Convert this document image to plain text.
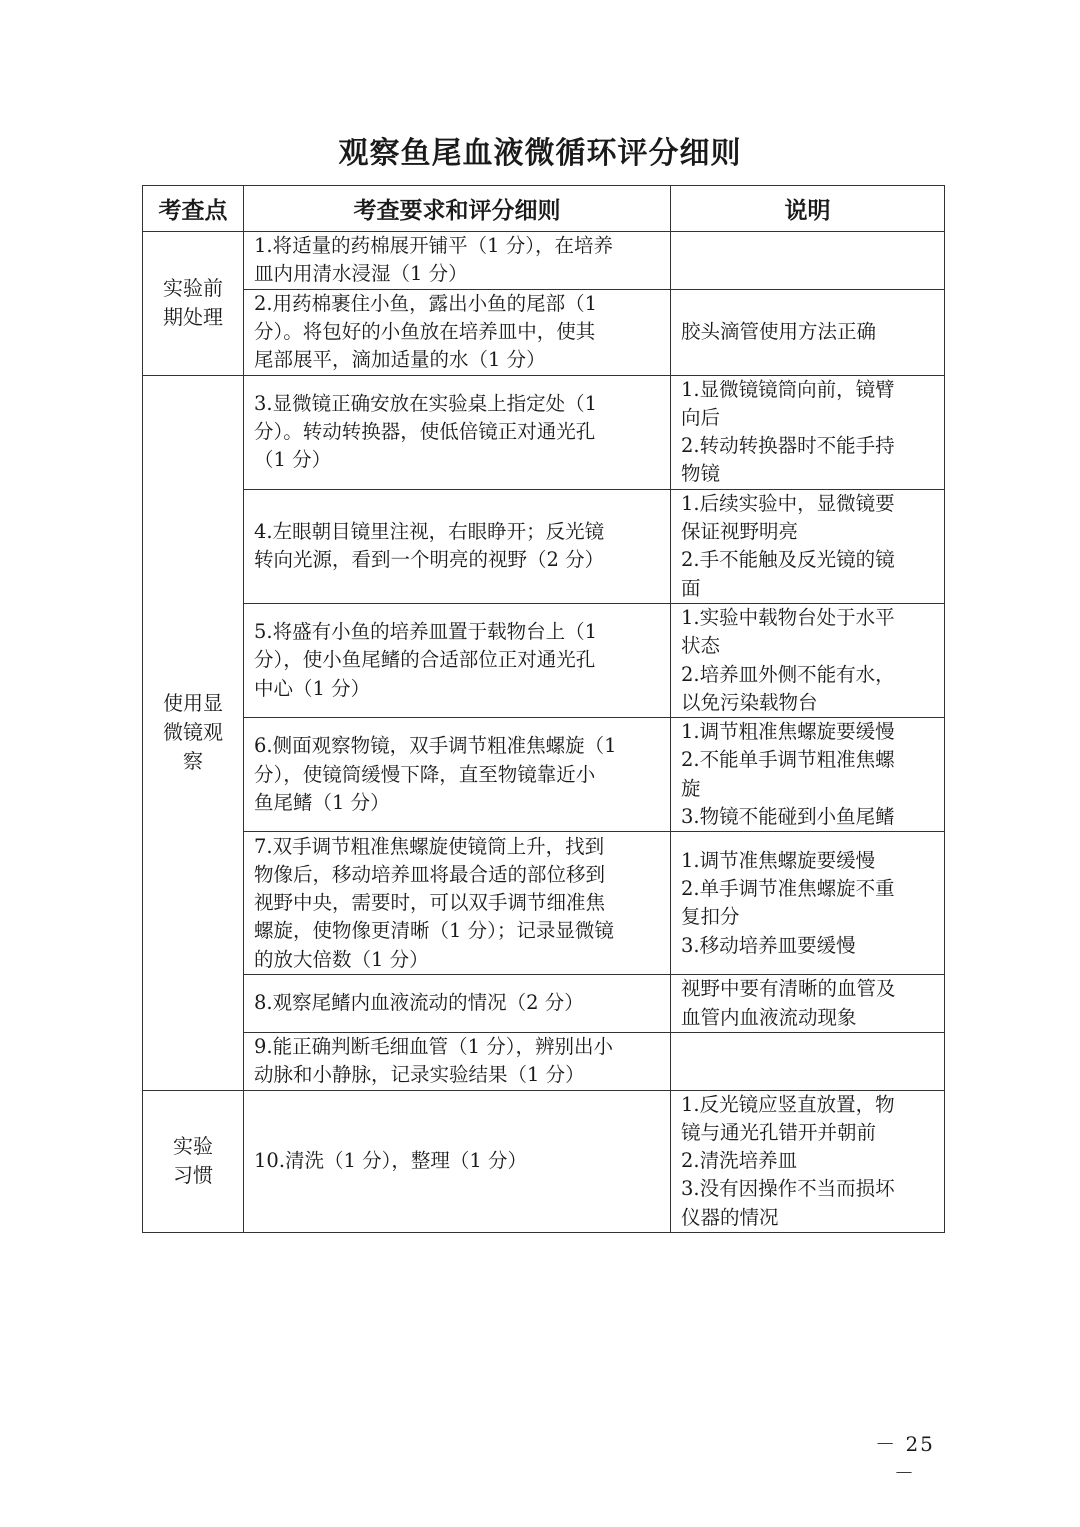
观察鱼尾血液微循环评分细则
考查点	考查要求和评分细则	说明

实验前
期处理	1.将适量的药棉展开铺平（1 分），在培养
皿内用清水浸湿（1 分）	

	2.用药棉裹住小鱼，露出小鱼的尾部（1
分）。将包好的小鱼放在培养皿中，使其
尾部展平，滴加适量的水（1 分）	胶头滴管使用方法正确

使用显
微镜观
察	3.显微镜正确安放在实验桌上指定处（1
分）。转动转换器，使低倍镜正对通光孔
（1 分）	1.显微镜镜筒向前，镜臂
向后
2.转动转换器时不能手持
物镜

	4.左眼朝目镜里注视，右眼睁开；反光镜
转向光源，看到一个明亮的视野（2 分）	1.后续实验中，显微镜要
保证视野明亮
2.手不能触及反光镜的镜
面

	5.将盛有小鱼的培养皿置于载物台上（1
分），使小鱼尾鳍的合适部位正对通光孔
中心（1 分）	1.实验中载物台处于水平
状态
2.培养皿外侧不能有水，
以免污染载物台

	6.侧面观察物镜，双手调节粗准焦螺旋（1
分），使镜筒缓慢下降，直至物镜靠近小
鱼尾鳍（1 分）	1.调节粗准焦螺旋要缓慢
2.不能单手调节粗准焦螺
旋
3.物镜不能碰到小鱼尾鳍

	7.双手调节粗准焦螺旋使镜筒上升，找到
物像后，移动培养皿将最合适的部位移到
视野中央，需要时，可以双手调节细准焦
螺旋，使物像更清晰（1 分）；记录显微镜
的放大倍数（1 分）	1.调节准焦螺旋要缓慢
2.单手调节准焦螺旋不重
复扣分
3.移动培养皿要缓慢

	8.观察尾鳍内血液流动的情况（2 分）	视野中要有清晰的血管及
血管内血液流动现象

	9.能正确判断毛细血管（1 分），辨别出小
动脉和小静脉，记录实验结果（1 分）	

实验
习惯	10.清洗（1 分），整理（1 分）	1.反光镜应竖直放置，物
镜与通光孔错开并朝前
2.清洗培养皿
3.没有因操作不当而损坏
仪器的情况
－ 25 －
